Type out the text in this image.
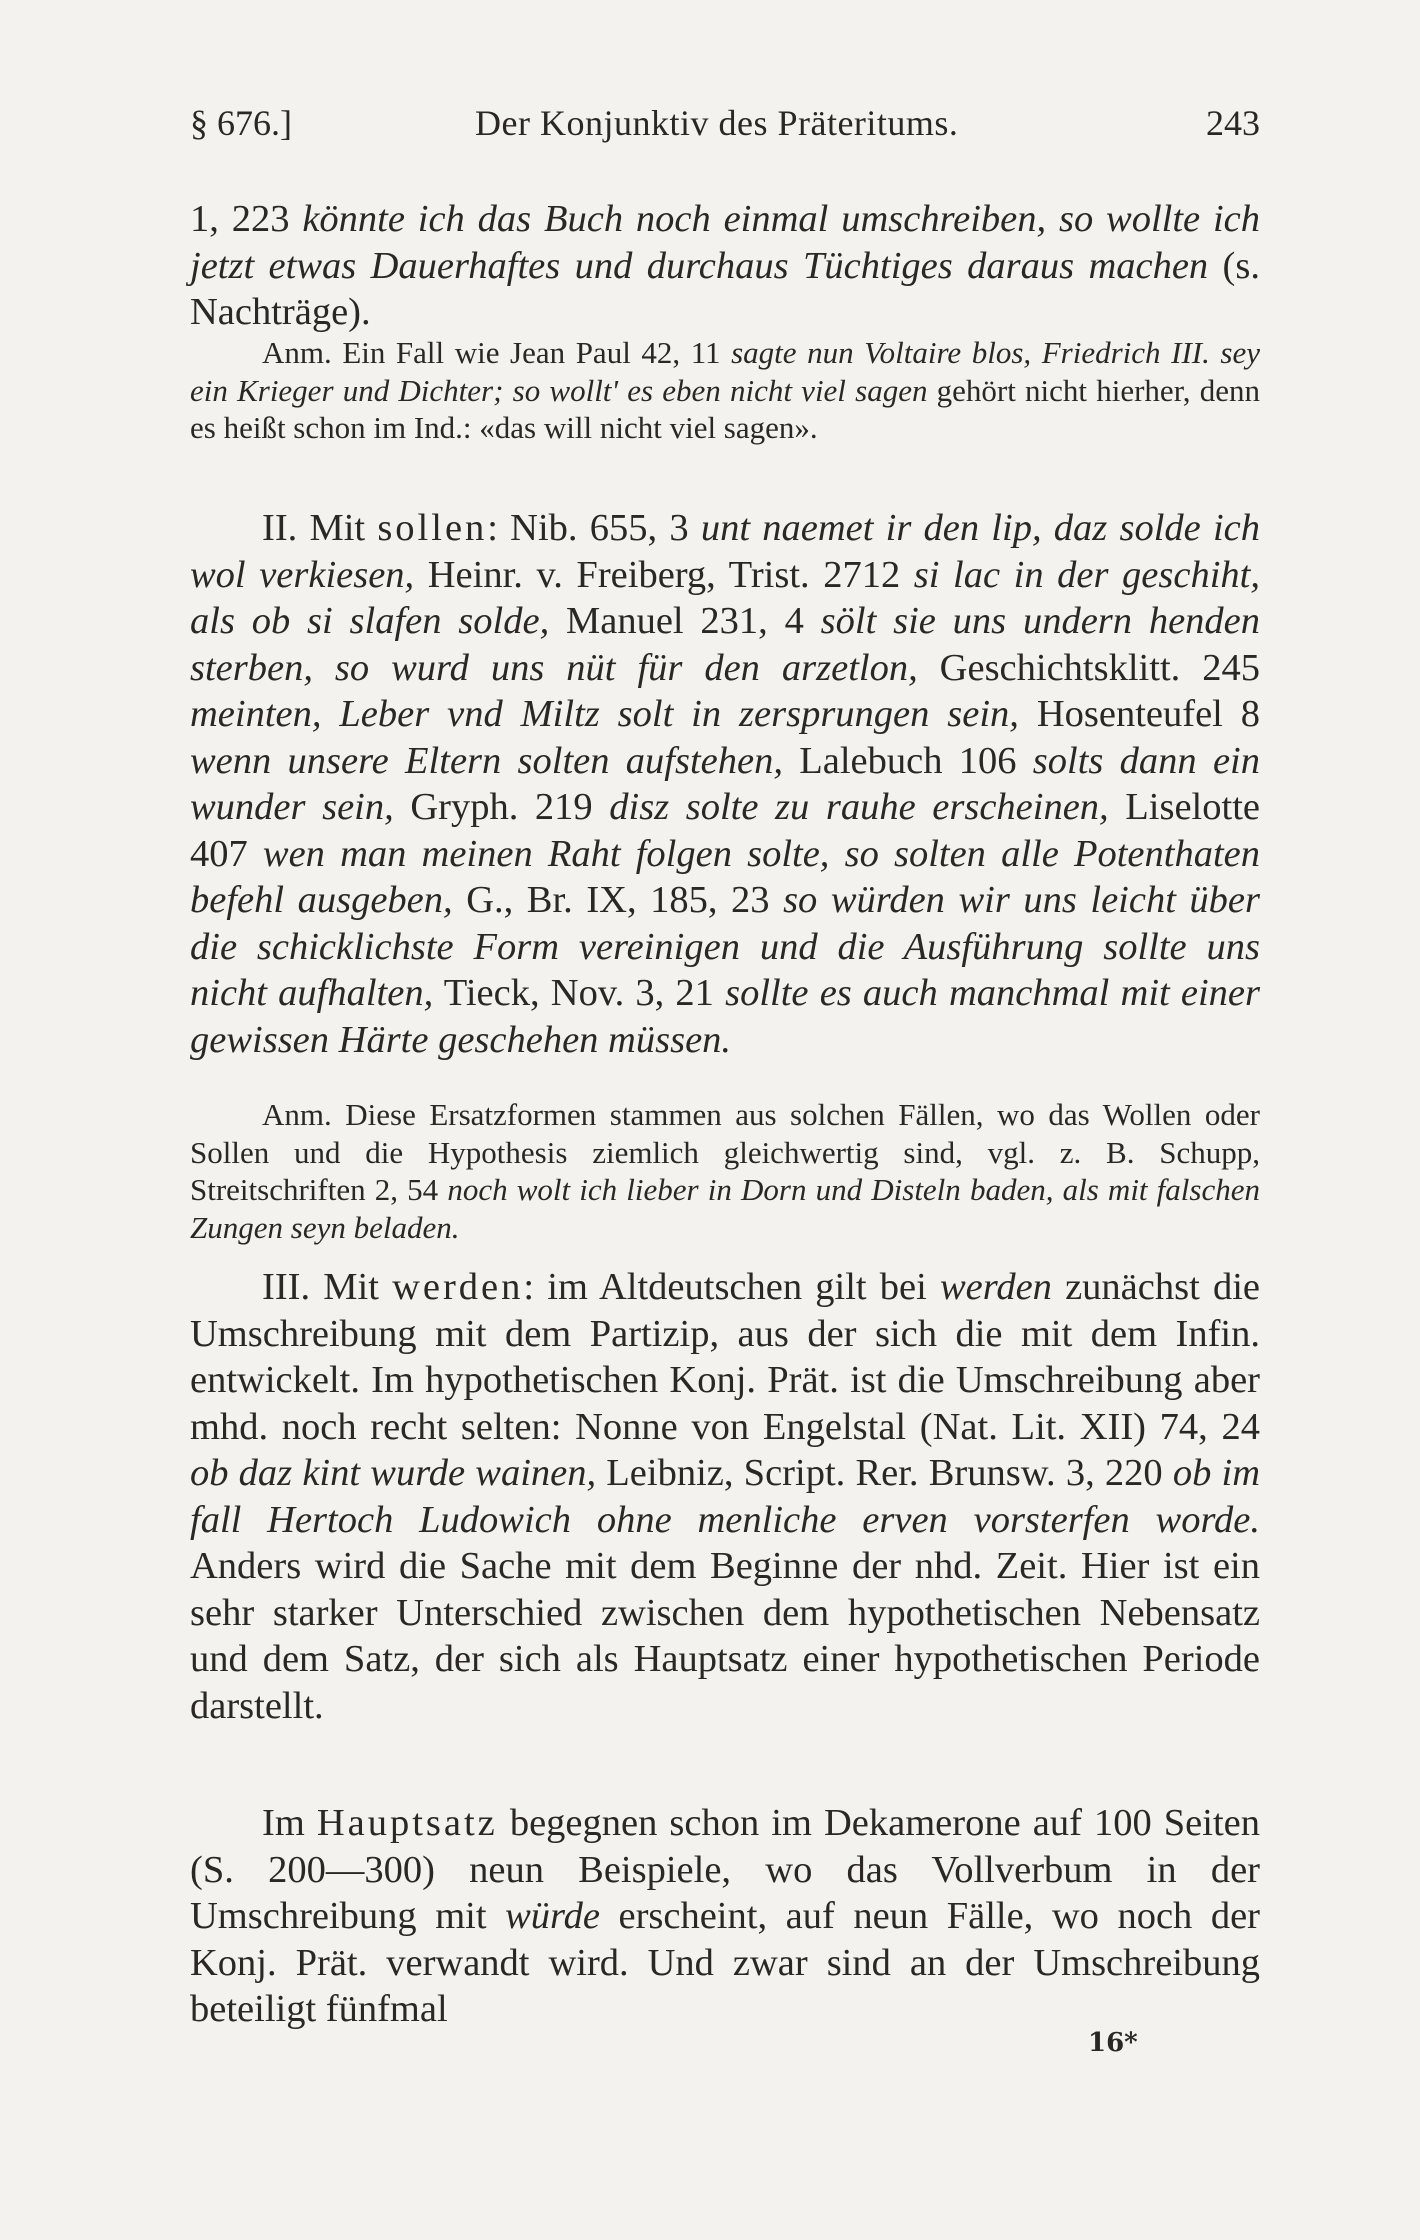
§ 676.]	Der Konjunktiv des Präteritums.	243

1, 223 könnte ich das Buch noch einmal umschreiben, so wollte ich jetzt etwas Dauerhaftes und durchaus Tüchtiges daraus machen (s. Nachträge).

Anm. Ein Fall wie Jean Paul 42, 11 sagte nun Voltaire blos, Friedrich III. sey ein Krieger und Dichter; so wollt' es eben nicht viel sagen gehört nicht hierher, denn es heißt schon im Ind.: «das will nicht viel sagen».

II. Mit sollen: Nib. 655, 3 unt naemet ir den lip, daz solde ich wol verkiesen, Heinr. v. Freiberg, Trist. 2712 si lac in der geschiht, als ob si slafen solde, Manuel 231, 4 sölt sie uns undern henden sterben, so wurd uns nüt für den arzetlon, Geschichtsklitt. 245 meinten, Leber vnd Miltz solt in zersprungen sein, Hosenteufel 8 wenn unsere Eltern solten aufstehen, Lalebuch 106 solts dann ein wunder sein, Gryph. 219 disz solte zu rauhe erscheinen, Liselotte 407 wen man meinen Raht folgen solte, so solten alle Potenthaten befehl ausgeben, G., Br. IX, 185, 23 so würden wir uns leicht über die schicklichste Form vereinigen und die Ausführung sollte uns nicht aufhalten, Tieck, Nov. 3, 21 sollte es auch manchmal mit einer gewissen Härte geschehen müssen.

Anm. Diese Ersatzformen stammen aus solchen Fällen, wo das Wollen oder Sollen und die Hypothesis ziemlich gleichwertig sind, vgl. z. B. Schupp, Streitschriften 2, 54 noch wolt ich lieber in Dorn und Disteln baden, als mit falschen Zungen seyn beladen.

III. Mit werden: im Altdeutschen gilt bei werden zunächst die Umschreibung mit dem Partizip, aus der sich die mit dem Infin. entwickelt. Im hypothetischen Konj. Prät. ist die Umschreibung aber mhd. noch recht selten: Nonne von Engelstal (Nat. Lit. XII) 74, 24 ob daz kint wurde wainen, Leibniz, Script. Rer. Brunsw. 3, 220 ob im fall Hertoch Ludowich ohne menliche erven vorsterfen worde. Anders wird die Sache mit dem Beginne der nhd. Zeit. Hier ist ein sehr starker Unterschied zwischen dem hypothetischen Nebensatz und dem Satz, der sich als Hauptsatz einer hypothetischen Periode darstellt.

Im Hauptsatz begegnen schon im Dekamerone auf 100 Seiten (S. 200—300) neun Beispiele, wo das Vollverbum in der Umschreibung mit würde erscheint, auf neun Fälle, wo noch der Konj. Prät. verwandt wird. Und zwar sind an der Umschreibung beteiligt fünfmal

16*
